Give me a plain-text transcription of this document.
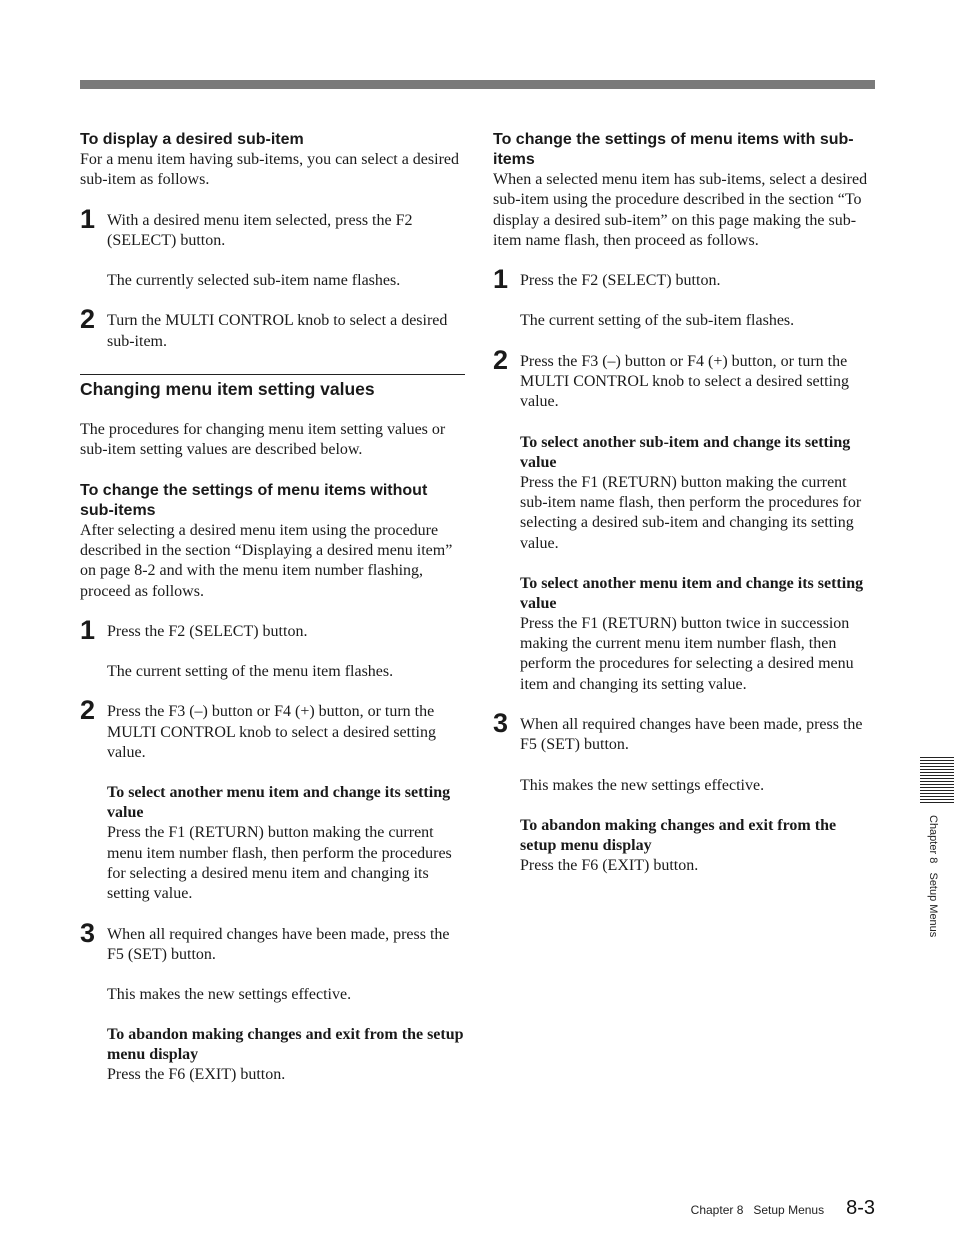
To display a desired sub-item

For a menu item having sub-items, you can select a desired sub-item as follows.

1 With a desired menu item selected, press the F2 (SELECT) button.

The currently selected sub-item name flashes.

2 Turn the MULTI CONTROL knob to select a desired sub-item.

Changing menu item setting values

The procedures for changing menu item setting values or sub-item setting values are described below.

To change the settings of menu items without sub-items

After selecting a desired menu item using the procedure described in the section “Displaying a desired menu item” on page 8-2 and with the menu item number flashing, proceed as follows.

1 Press the F2 (SELECT) button.

The current setting of the menu item flashes.

2 Press the F3 (–) button or F4 (+) button, or turn the MULTI CONTROL knob to select a desired setting value.

To select another menu item and change its setting value

Press the F1 (RETURN) button making the current menu item number flash, then perform the procedures for selecting a desired menu item and changing its setting value.

3 When all required changes have been made, press the F5 (SET) button.

This makes the new settings effective.

To abandon making changes and exit from the setup menu display

Press the F6 (EXIT) button.

To change the settings of menu items with sub-items

When a selected menu item has sub-items, select a desired sub-item using the procedure described in the section “To display a desired sub-item” on this page making the sub-item name flash, then proceed as follows.

1 Press the F2 (SELECT) button.

The current setting of the sub-item flashes.

2 Press the F3 (–) button or F4 (+) button, or turn the MULTI CONTROL knob to select a desired setting value.

To select another sub-item and change its setting value

Press the F1 (RETURN) button making the current sub-item name flash, then perform the procedures for selecting a desired sub-item and changing its setting value.

To select another menu item and change its setting value

Press the F1 (RETURN) button twice in succession making the current menu item number flash, then perform the procedures for selecting a desired menu item and changing its setting value.

3 When all required changes have been made, press the F5 (SET) button.

This makes the new settings effective.

To abandon making changes and exit from the setup menu display

Press the F6 (EXIT) button.	Chapter 8   Setup Menus
Chapter 8   Setup Menus 8-3
